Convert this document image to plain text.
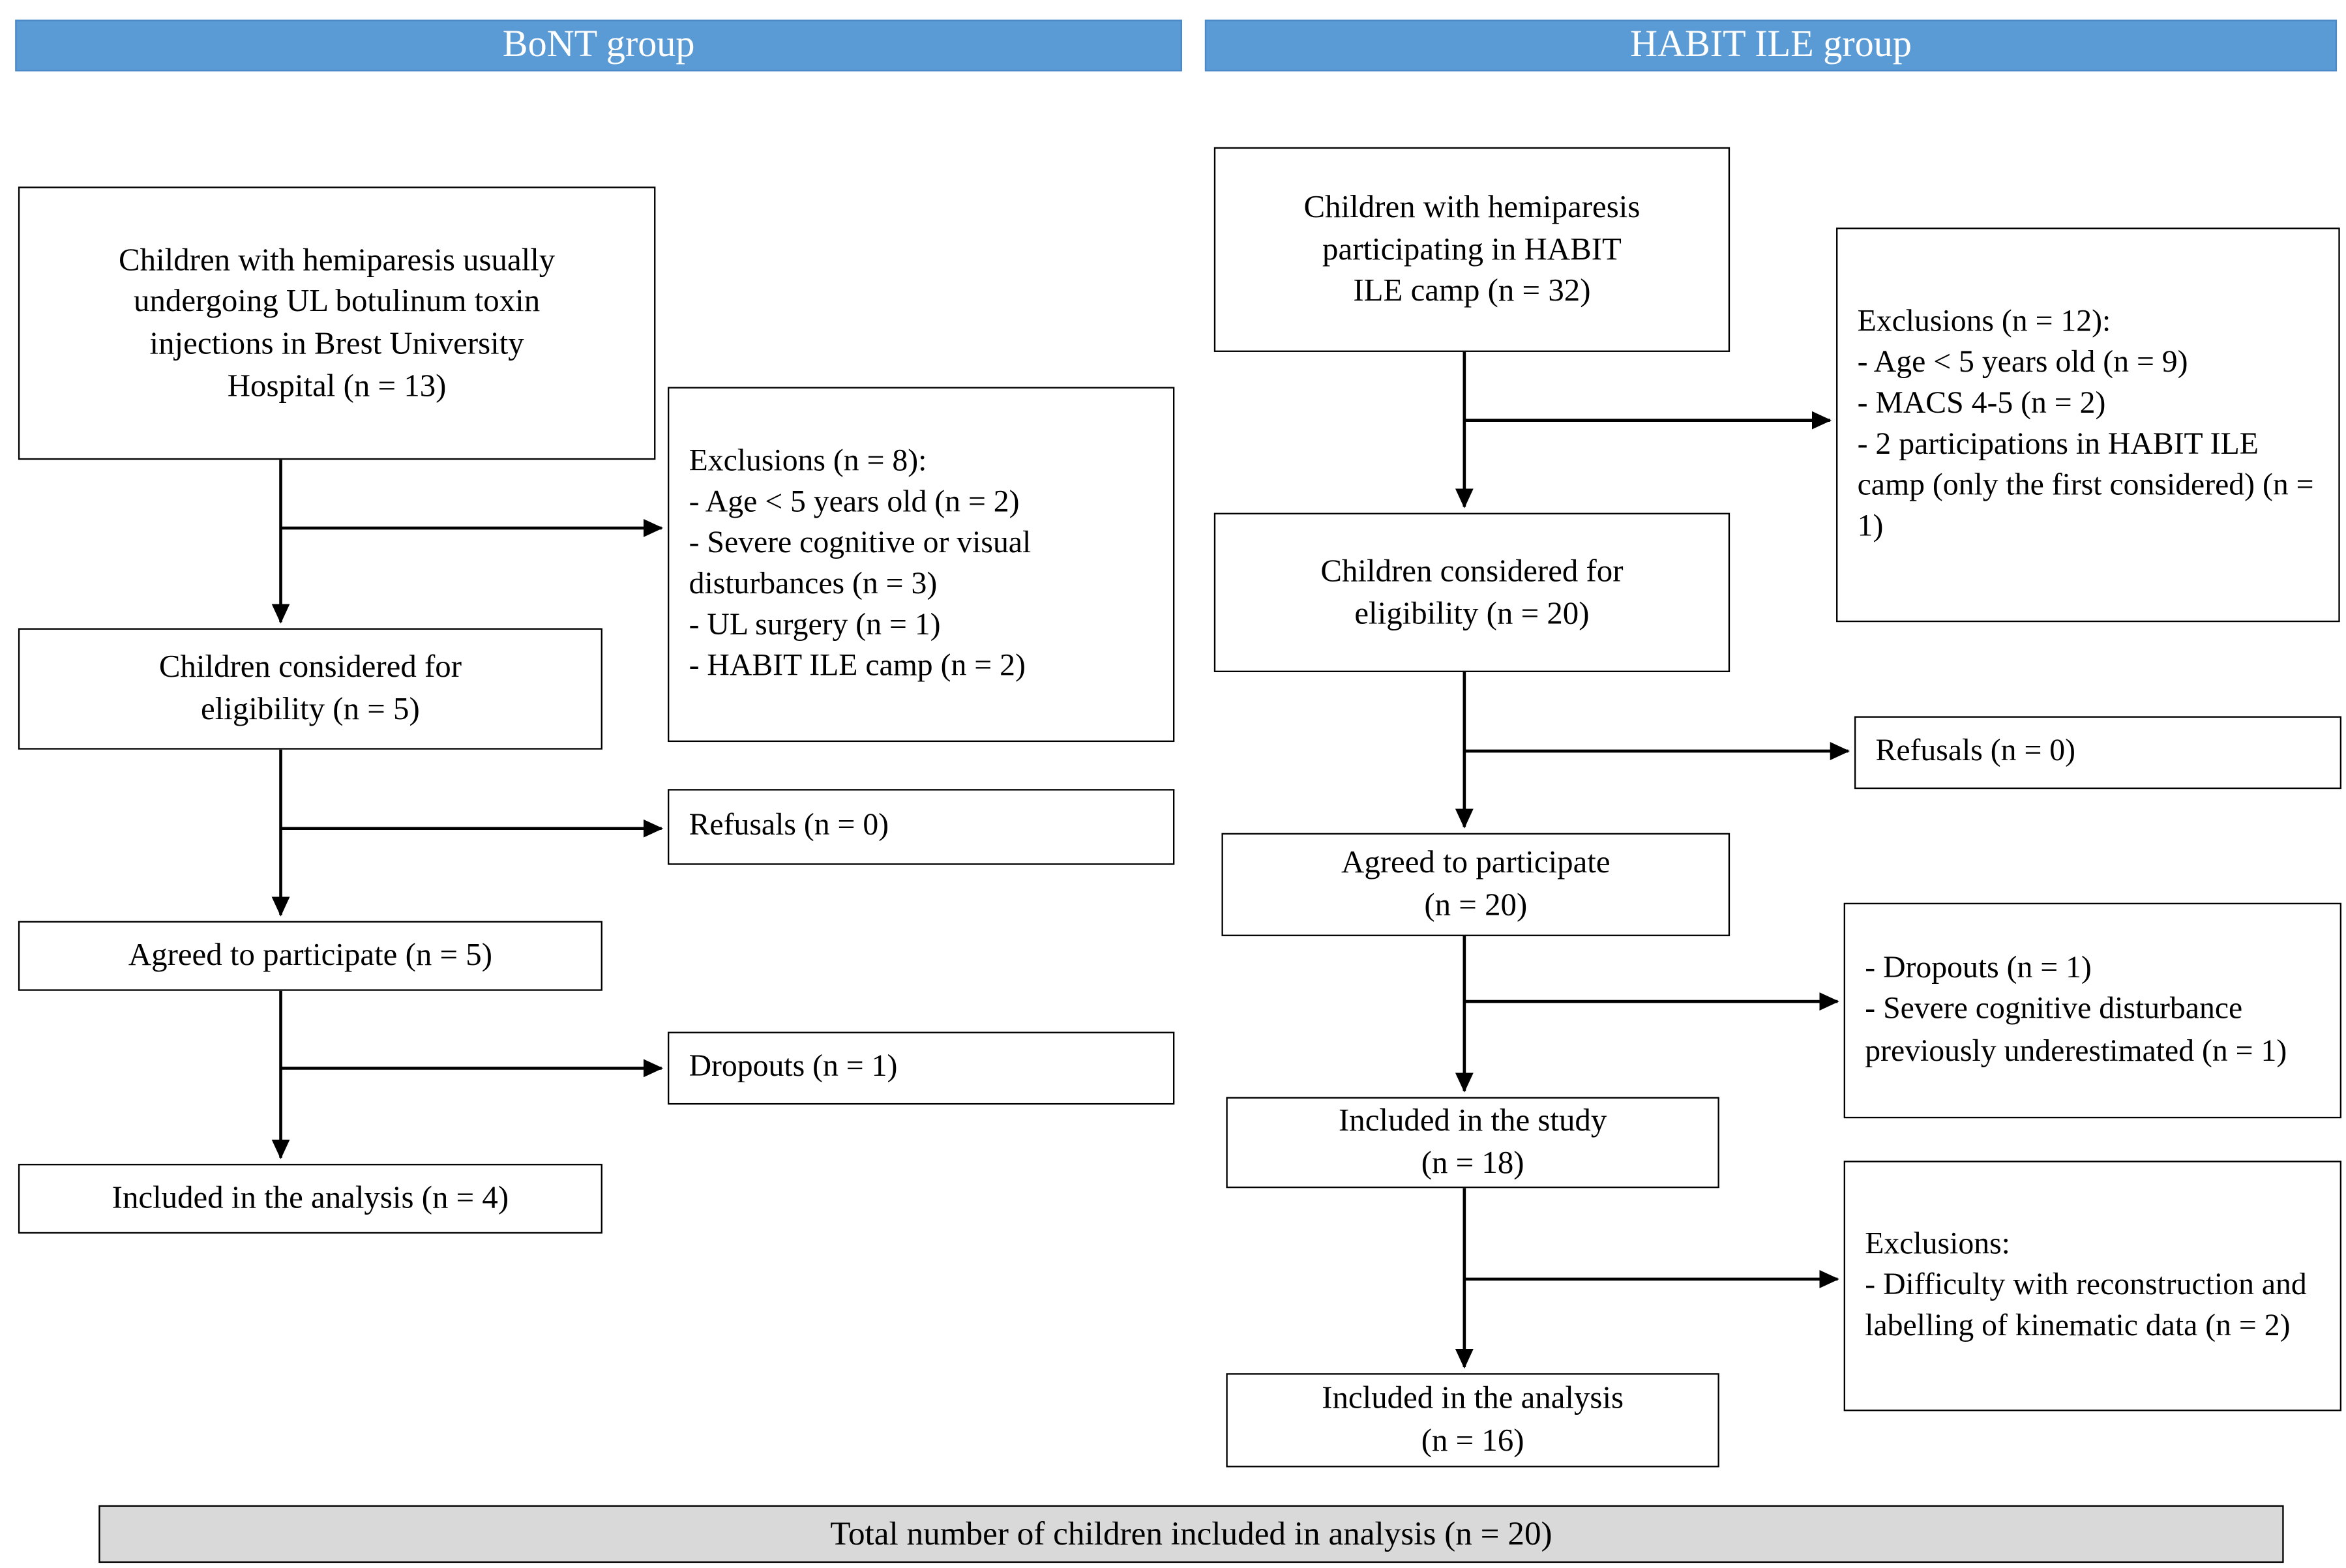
BoNT group	HABIT ILE group
Children with hemiparesis usually
undergoing UL botulinum toxin
injections in Brest University
Hospital (n = 13)
Exclusions (n = 8):
- Age < 5 years old (n = 2)
- Severe cognitive or visual disturbances (n = 3)
- UL surgery (n = 1)
- HABIT ILE camp (n = 2)
Children considered for
eligibility (n = 5)
Refusals (n = 0)
Agreed to participate (n = 5)
Dropouts (n = 1)
Included in the analysis (n = 4)
Children with hemiparesis
participating in HABIT
ILE camp (n = 32)
Exclusions (n = 12):
- Age < 5 years old (n = 9)
- MACS 4-5 (n = 2)
- 2 participations in HABIT ILE camp (only the first considered) (n = 1)
Children considered for
eligibility (n = 20)
Refusals (n = 0)
Agreed to participate
(n = 20)
- Dropouts (n = 1)
- Severe cognitive disturbance previously underestimated (n = 1)
Included in the study
(n = 18)
Exclusions:
- Difficulty with reconstruction and labelling of kinematic data (n = 2)
Included in the analysis
(n = 16)
Total number of children included in analysis (n = 20)
